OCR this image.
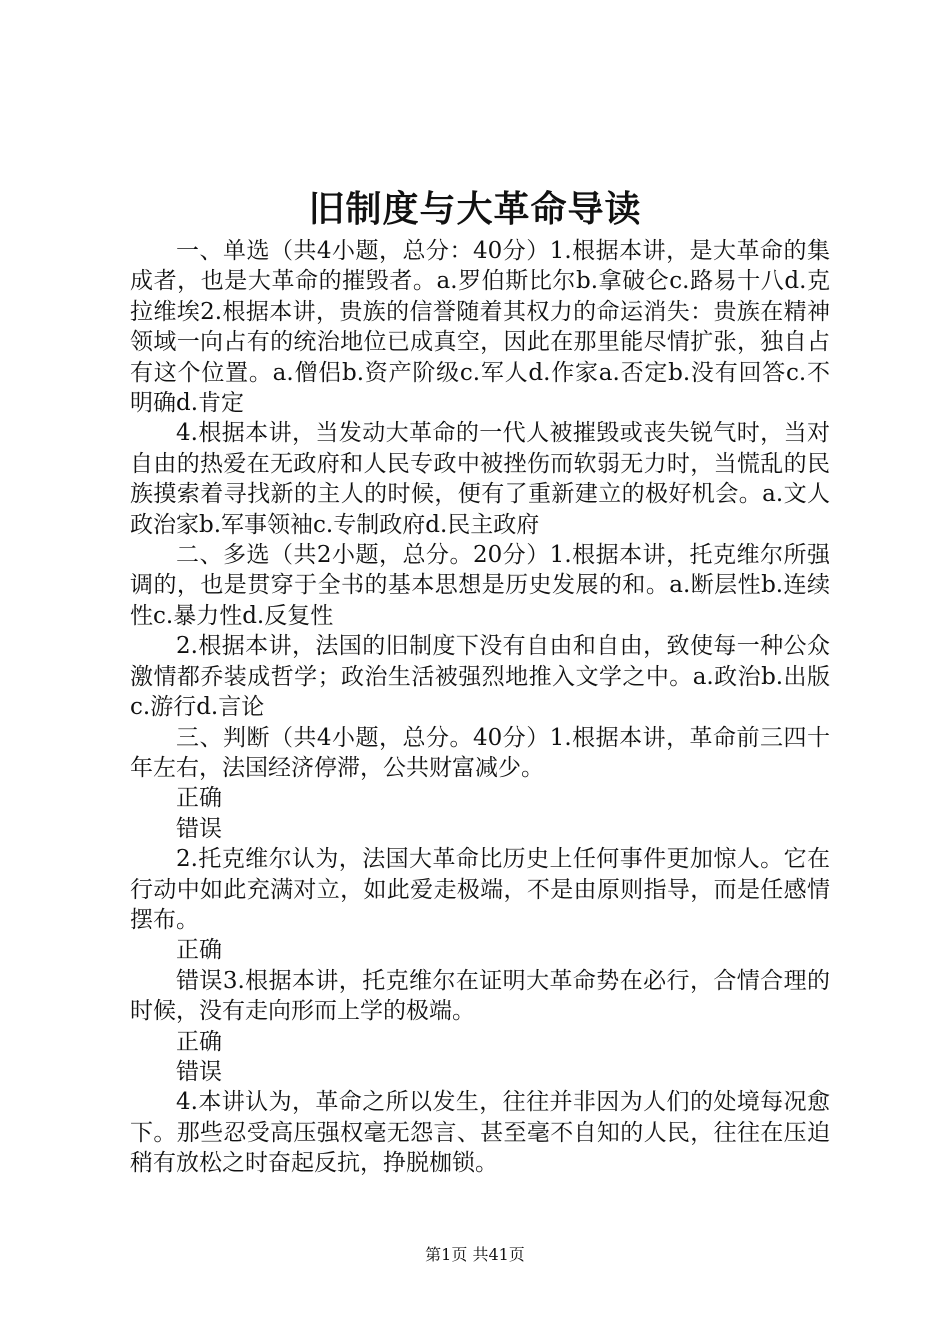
旧制度与大革命导读

一、单选（共4小题，总分：40分）1.根据本讲，是大革命的集成者，也是大革命的摧毁者。a.罗伯斯比尔b.拿破仑c.路易十八d.克拉维埃2.根据本讲，贵族的信誉随着其权力的命运消失：贵族在精神领域一向占有的统治地位已成真空，因此在那里能尽情扩张，独自占有这个位置。a.僧侣b.资产阶级c.军人d.作家a.否定b.没有回答c.不明确d.肯定

4.根据本讲，当发动大革命的一代人被摧毁或丧失锐气时，当对自由的热爱在无政府和人民专政中被挫伤而软弱无力时，当慌乱的民族摸索着寻找新的主人的时候，便有了重新建立的极好机会。a.文人政治家b.军事领袖c.专制政府d.民主政府

二、多选（共2小题，总分。20分）1.根据本讲，托克维尔所强调的，也是贯穿于全书的基本思想是历史发展的和。a.断层性b.连续性c.暴力性d.反复性

2.根据本讲，法国的旧制度下没有自由和自由，致使每一种公众激情都乔装成哲学；政治生活被强烈地推入文学之中。a.政治b.出版c.游行d.言论

三、判断（共4小题，总分。40分）1.根据本讲，革命前三四十年左右，法国经济停滞，公共财富减少。

正确

错误

2.托克维尔认为，法国大革命比历史上任何事件更加惊人。它在行动中如此充满对立，如此爱走极端，不是由原则指导，而是任感情摆布。

正确

错误3.根据本讲，托克维尔在证明大革命势在必行，合情合理的时候，没有走向形而上学的极端。

正确

错误

4.本讲认为，革命之所以发生，往往并非因为人们的处境每况愈下。那些忍受高压强权毫无怨言、甚至毫不自知的人民，往往在压迫稍有放松之时奋起反抗，挣脱枷锁。

第1页 共41页
